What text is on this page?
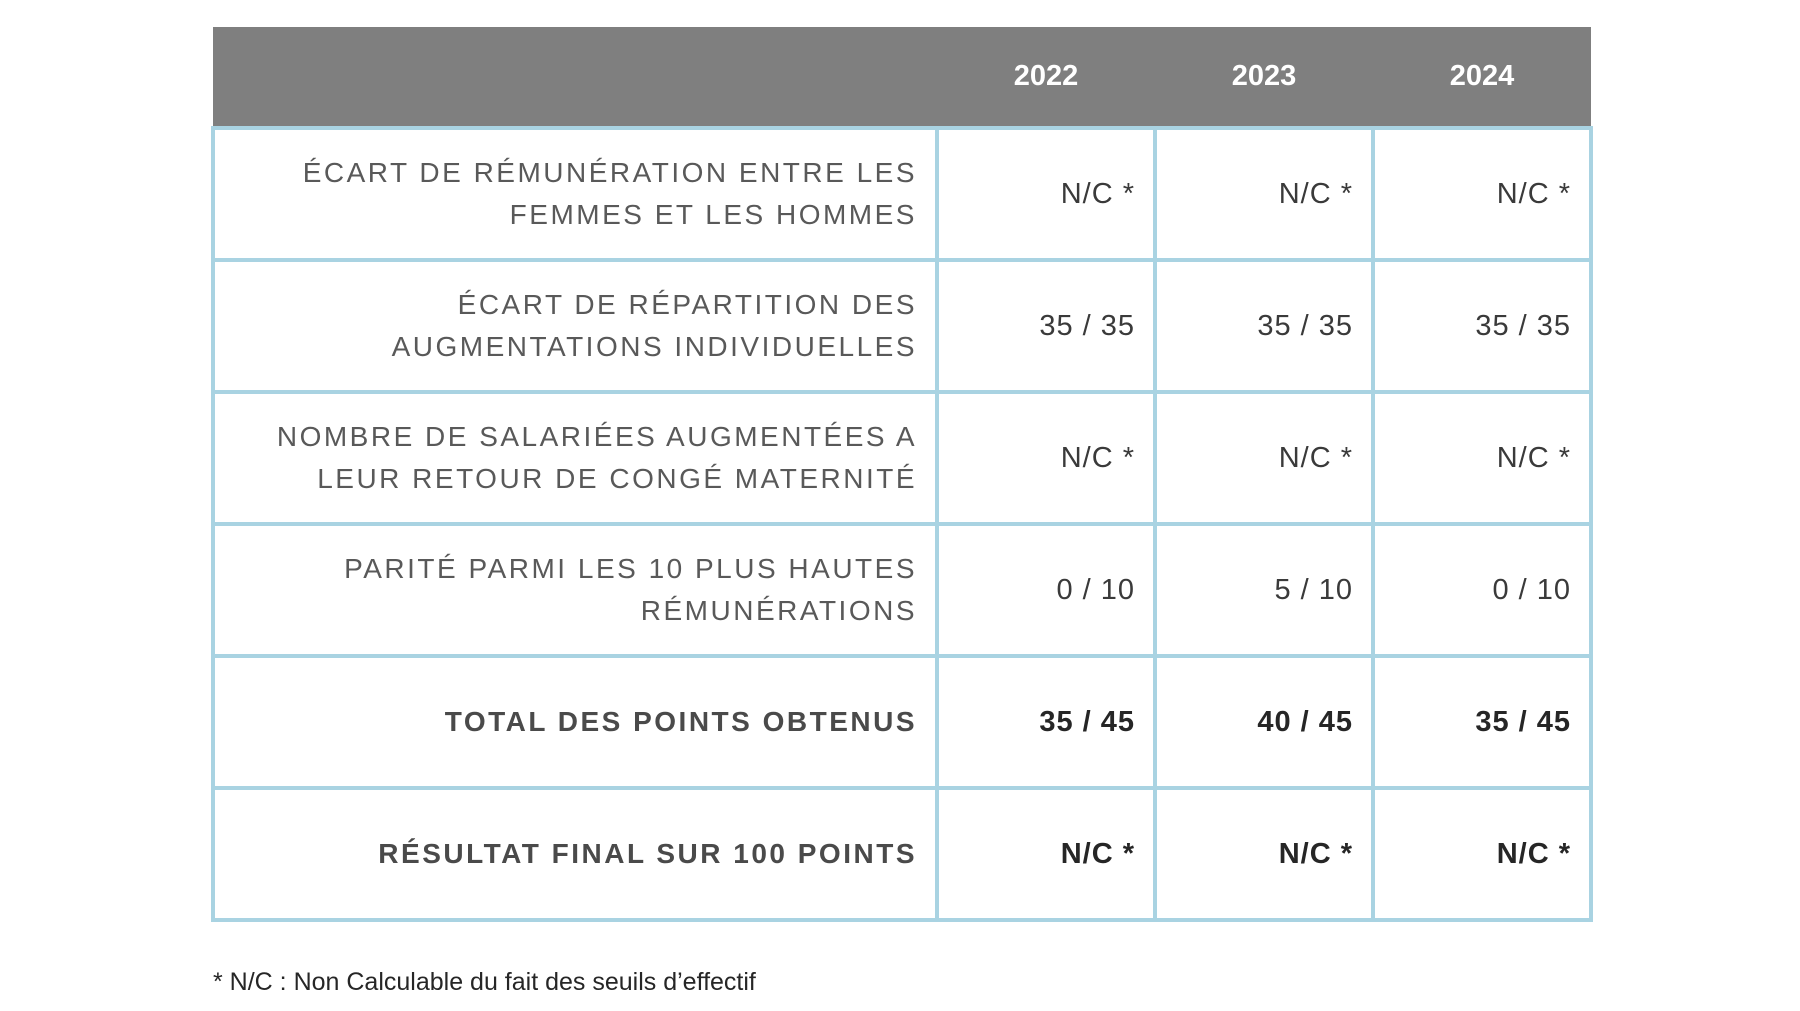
	2022	2023	2024
ÉCART DE RÉMUNÉRATION ENTRE LES FEMMES ET LES HOMMES	N/C *	N/C *	N/C *
ÉCART DE RÉPARTITION DES AUGMENTATIONS INDIVIDUELLES	35 / 35	35 / 35	35 / 35
NOMBRE DE SALARIÉES AUGMENTÉES A LEUR RETOUR DE CONGÉ MATERNITÉ	N/C *	N/C *	N/C *
PARITÉ PARMI LES 10 PLUS HAUTES RÉMUNÉRATIONS	0 / 10	5 / 10	0 / 10
TOTAL DES POINTS OBTENUS	35 / 45	40 / 45	35 / 45
RÉSULTAT FINAL SUR 100 POINTS	N/C *	N/C *	N/C *
* N/C : Non Calculable du fait des seuils d’effectif
